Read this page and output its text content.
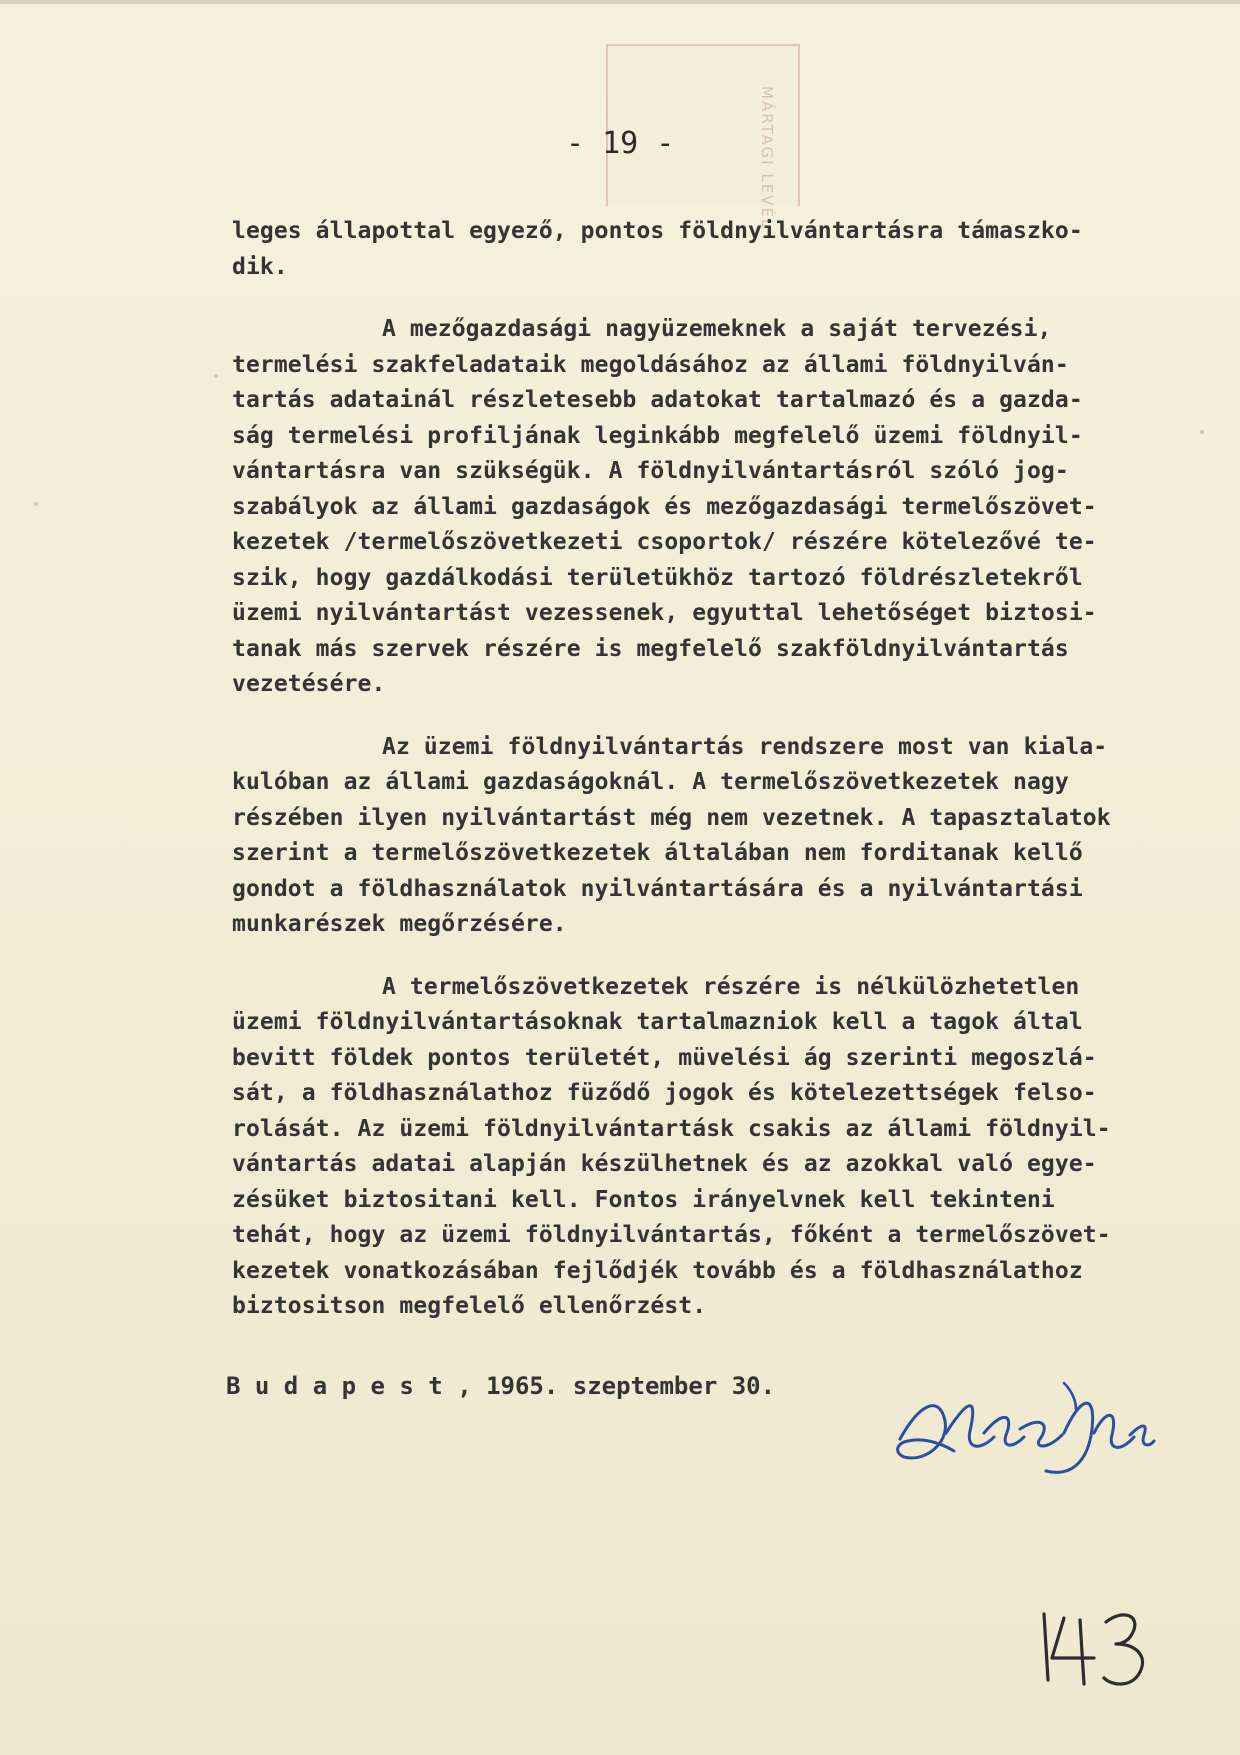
MÁRTAGI LEVÉL
- 19 -
leges állapottal egyező, pontos földnyilvántartásra támaszko-
dik.
A mezőgazdasági nagyüzemeknek a saját tervezési,
termelési szakfeladataik megoldásához az állami földnyilván-
tartás adatainál részletesebb adatokat tartalmazó és a gazda-
ság termelési profiljának leginkább megfelelő üzemi földnyil-
vántartásra van szükségük. A földnyilvántartásról szóló jog-
szabályok az állami gazdaságok és mezőgazdasági termelőszövet-
kezetek /termelőszövetkezeti csoportok/ részére kötelezővé te-
szik, hogy gazdálkodási területükhöz tartozó földrészletekről
üzemi nyilvántartást vezessenek, egyuttal lehetőséget biztosi-
tanak más szervek részére is megfelelő szakföldnyilvántartás
vezetésére.
Az üzemi földnyilvántartás rendszere most van kiala-
kulóban az állami gazdaságoknál. A termelőszövetkezetek nagy
részében ilyen nyilvántartást még nem vezetnek. A tapasztalatok
szerint a termelőszövetkezetek általában nem forditanak kellő
gondot a földhasználatok nyilvántartására és a nyilvántartási
munkarészek megőrzésére.
A termelőszövetkezetek részére is nélkülözhetetlen
üzemi földnyilvántartásoknak tartalmazniok kell a tagok által
bevitt földek pontos területét, müvelési ág szerinti megoszlá-
sát, a földhasználathoz füződő jogok és kötelezettségek felso-
rolását. Az üzemi földnyilvántartásk csakis az állami földnyil-
vántartás adatai alapján készülhetnek és az azokkal való egye-
zésüket biztositani kell. Fontos irányelvnek kell tekinteni
tehát, hogy az üzemi földnyilvántartás, főként a termelőszövet-
kezetek vonatkozásában fejlődjék tovább és a földhasználathoz
biztositson megfelelő ellenőrzést.
B u d a p e s t , 1965. szeptember 30.
